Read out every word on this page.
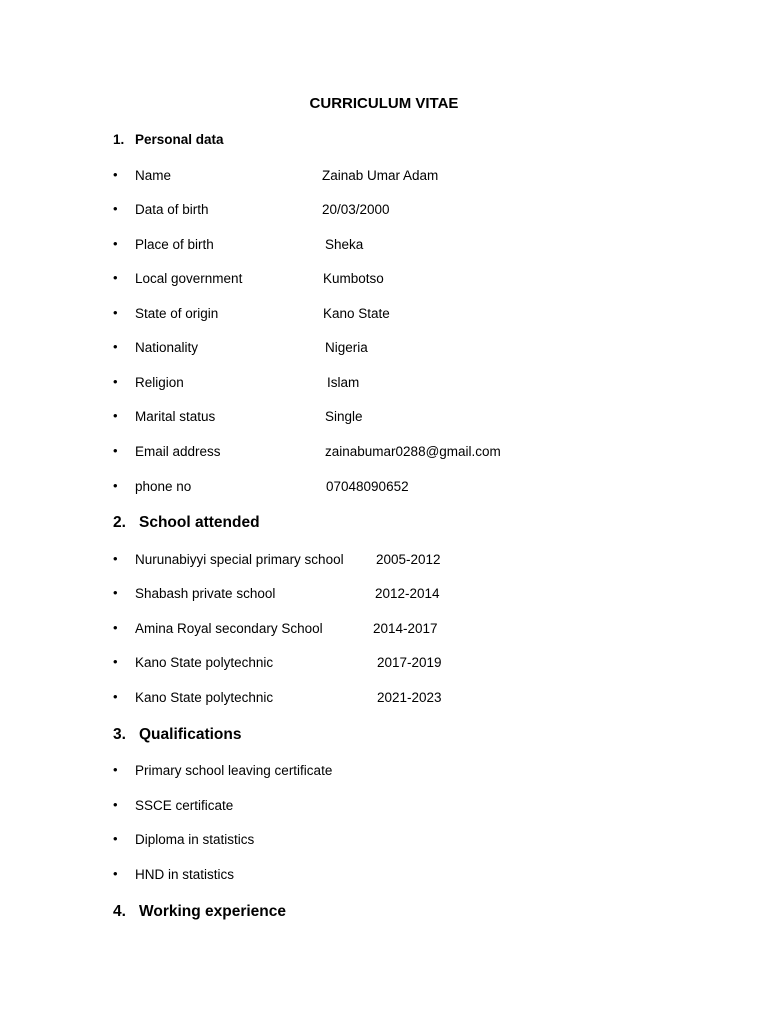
CURRICULUM VITAE
1. Personal data
• Name	Zainab Umar Adam
• Data of birth	20/03/2000
• Place of birth	Sheka
• Local government	Kumbotso
• State of origin	Kano State
• Nationality	Nigeria
• Religion	Islam
• Marital status	Single
• Email address	zainabumar0288@gmail.com
• phone no	07048090652
2. School attended
• Nurunabiyyi special primary school 2005-2012
• Shabash private school	2012-2014
• Amina Royal secondary School	2014-2017
• Kano State polytechnic	2017-2019
• Kano State polytechnic	2021-2023
3. Qualifications
• Primary school leaving certificate
• SSCE certificate
• Diploma in statistics
• HND in statistics
4. Working experience
